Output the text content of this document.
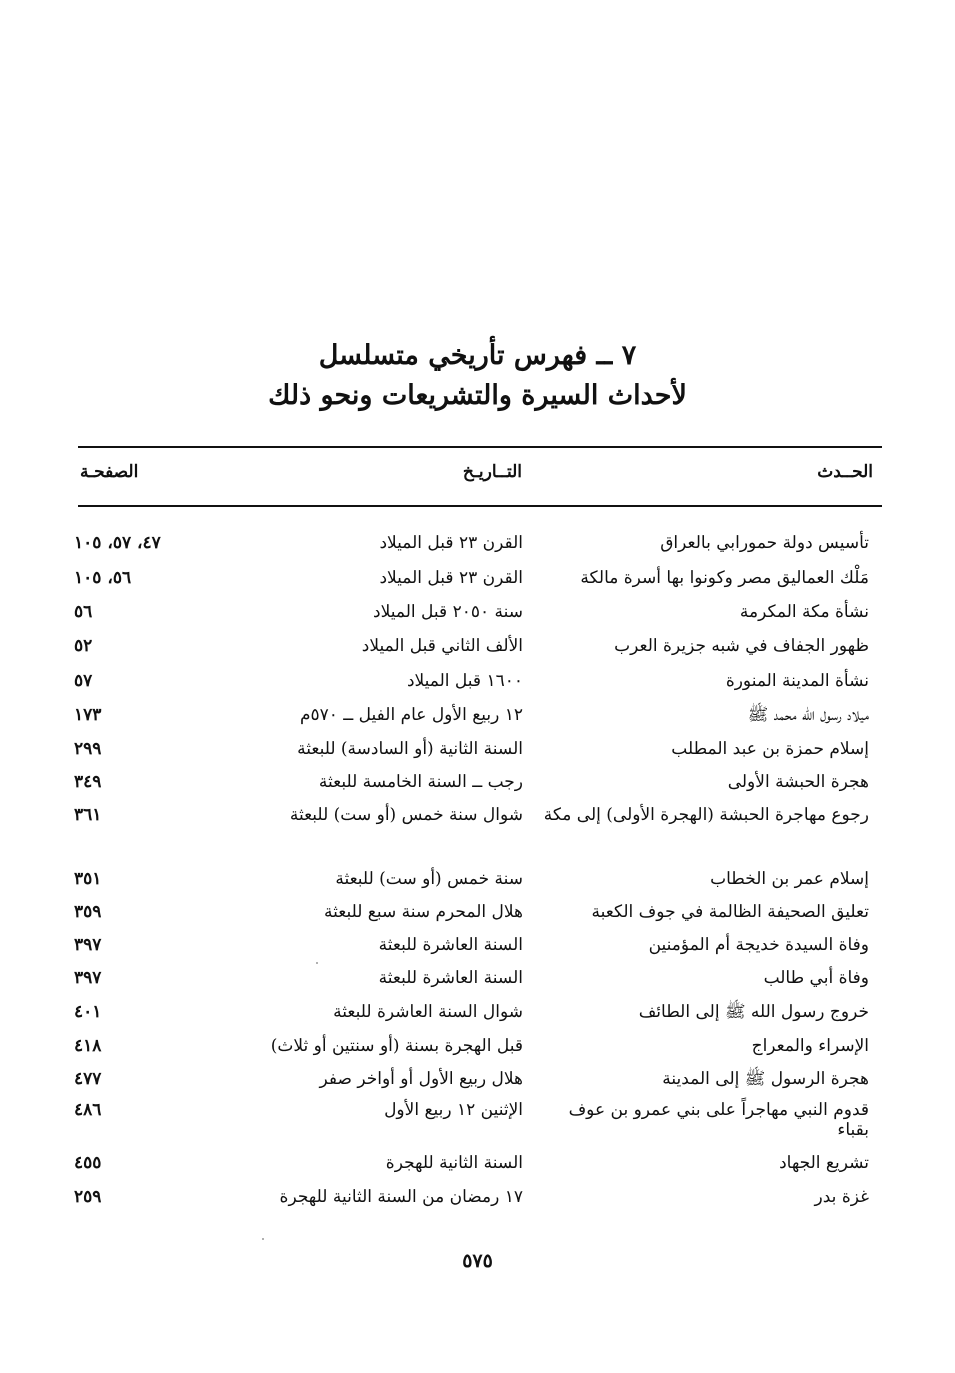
٧ ــ فهرس تأريخي متسلسل
لأحداث السيرة والتشريعات ونحو ذلك
الحــدث
التــاريـخ
الصفحـة
تأسيس دولة حمورابي بالعراق
القرن ٢٣ قبل الميلاد
٤٧، ٥٧، ١٠٥
مَلْك العماليق مصر وكونوا بها أسرة مالكة
القرن ٢٣ قبل الميلاد
٥٦، ١٠٥
نشأة مكة المكرمة
سنة ٢٠٥٠ قبل الميلاد
٥٦
ظهور الجفاف في شبه جزيرة العرب
الألف الثاني قبل الميلاد
٥٢
نشأة المدينة المنورة
١٦٠٠ قبل الميلاد
٥٧
ميلاد رسول الله محمد ﷺ
١٢ ربيع الأول عام الفيل ــ ٥٧٠م
١٧٣
إسلام حمزة بن عبد المطلب
السنة الثانية (أو السادسة) للبعثة
٢٩٩
هجرة الحبشة الأولى
رجب ــ السنة الخامسة للبعثة
٣٤٩
رجوع مهاجرة الحبشة (الهجرة الأولى) إلى مكة
شوال سنة خمس (أو ست) للبعثة
٣٦١
إسلام عمر بن الخطاب
سنة خمس (أو ست) للبعثة
٣٥١
تعليق الصحيفة الظالمة في جوف الكعبة
هلال المحرم سنة سبع للبعثة
٣٥٩
وفاة السيدة خديجة أم المؤمنين
السنة العاشرة للبعثة
٣٩٧
وفاة أبي طالب
السنة العاشرة للبعثة
٣٩٧
خروج رسول الله ﷺ إلى الطائف
شوال السنة العاشرة للبعثة
٤٠١
الإسراء والمعراج
قبل الهجرة بسنة (أو سنتين أو ثلاث)
٤١٨
هجرة الرسول ﷺ إلى المدينة
هلال ربيع الأول أو أواخر صفر
٤٧٧
قدوم النبي مهاجراً على بني عمرو بن عوف بقباء
الإثنين ١٢ ربيع الأول
٤٨٦
تشريع الجهاد
السنة الثانية للهجرة
٤٥٥
غزة بدر
١٧ رمضان من السنة الثانية للهجرة
٢٥٩
٥٧٥
